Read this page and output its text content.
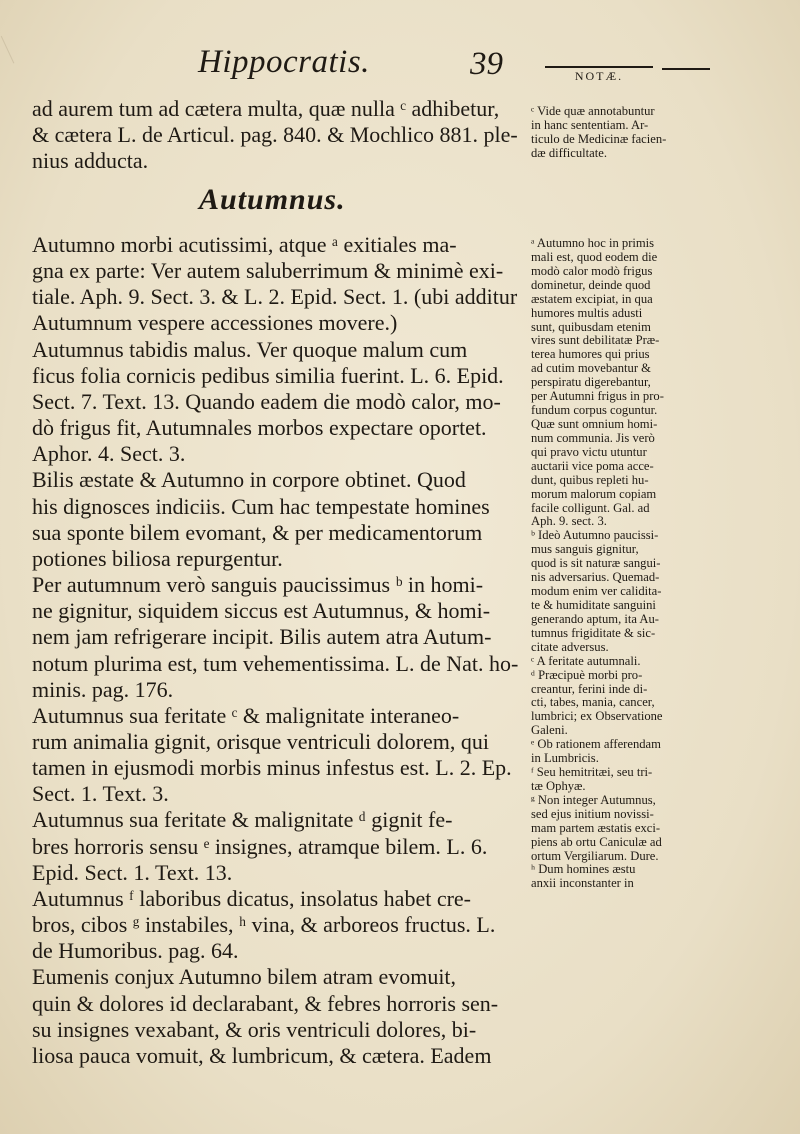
Hippocratis.	39	NOTÆ.
ad aurem tum ad cætera multa, quæ nulla ᶜ adhibetur,
& cætera L. de Articul. pag. 840. & Mochlico 881. ple-
nius adducta.
Autumnus.
Autumno morbi acutissimi, atque ᵃ exitiales ma-
gna ex parte: Ver autem saluberrimum & minimè exi-
tiale. Aph. 9. Sect. 3. & L. 2. Epid. Sect. 1. (ubi additur
Autumnum vespere accessiones movere.)
Autumnus tabidis malus. Ver quoque malum cum
ficus folia cornicis pedibus similia fuerint. L. 6. Epid.
Sect. 7. Text. 13. Quando eadem die modò calor, mo-
dò frigus fit, Autumnales morbos expectare oportet.
Aphor. 4. Sect. 3.
Bilis æstate & Autumno in corpore obtinet. Quod
his dignosces indiciis. Cum hac tempestate homines
sua sponte bilem evomant, & per medicamentorum
potiones biliosa repurgentur.
Per autumnum verò sanguis paucissimus ᵇ in homi-
ne gignitur, siquidem siccus est Autumnus, & homi-
nem jam refrigerare incipit. Bilis autem atra Autum-
notum plurima est, tum vehementissima. L. de Nat. ho-
minis. pag. 176.
Autumnus sua feritate ᶜ & malignitate interaneo-
rum animalia gignit, orisque ventriculi dolorem, qui
tamen in ejusmodi morbis minus infestus est. L. 2. Ep.
Sect. 1. Text. 3.
Autumnus sua feritate & malignitate ᵈ gignit fe-
bres horroris sensu ᵉ insignes, atramque bilem. L. 6.
Epid. Sect. 1. Text. 13.
Autumnus ᶠ laboribus dicatus, insolatus habet cre-
bros, cibos ᵍ instabiles, ʰ vina, & arboreos fructus. L.
de Humoribus. pag. 64.
Eumenis conjux Autumno bilem atram evomuit,
quin & dolores id declarabant, & febres horroris sen-
su insignes vexabant, & oris ventriculi dolores, bi-
liosa pauca vomuit, & lumbricum, & cætera. Eadem
ᶜ Vide quæ annotabuntur
in hanc sententiam. Ar-
ticulo de Medicinæ facien-
dæ difficultate.
ᵃ Autumno hoc in primis
mali est, quod eodem die
modò calor modò frigus
dominetur, deinde quod
æstatem excipiat, in qua
humores multis adusti
sunt, quibusdam etenim
vires sunt debilitatæ Præ-
terea humores qui prius
ad cutim movebantur &
perspiratu digerebantur,
per Autumni frigus in pro-
fundum corpus coguntur.
Quæ sunt omnium homi-
num communia. Jis verò
qui pravo victu utuntur
auctarii vice poma acce-
dunt, quibus repleti hu-
morum malorum copiam
facile colligunt. Gal. ad
Aph. 9. sect. 3.
ᵇ Ideò Autumno paucissi-
mus sanguis gignitur,
quod is sit naturæ sangui-
nis adversarius. Quemad-
modum enim ver calidita-
te & humiditate sanguini
generando aptum, ita Au-
tumnus frigiditate & sic-
citate adversus.
ᶜ A feritate autumnali.
ᵈ Præcipuè morbi pro-
creantur, ferini inde di-
cti, tabes, mania, cancer,
lumbrici; ex Observatione
Galeni.
ᵉ Ob rationem afferendam
in Lumbricis.
ᶠ Seu hemitritæi, seu tri-
tæ Ophyæ.
ᵍ Non integer Autumnus,
sed ejus initium novissi-
mam partem æstatis exci-
piens ab ortu Caniculæ ad
ortum Vergiliarum. Dure.
ʰ Dum homines æstu
anxii inconstanter in
